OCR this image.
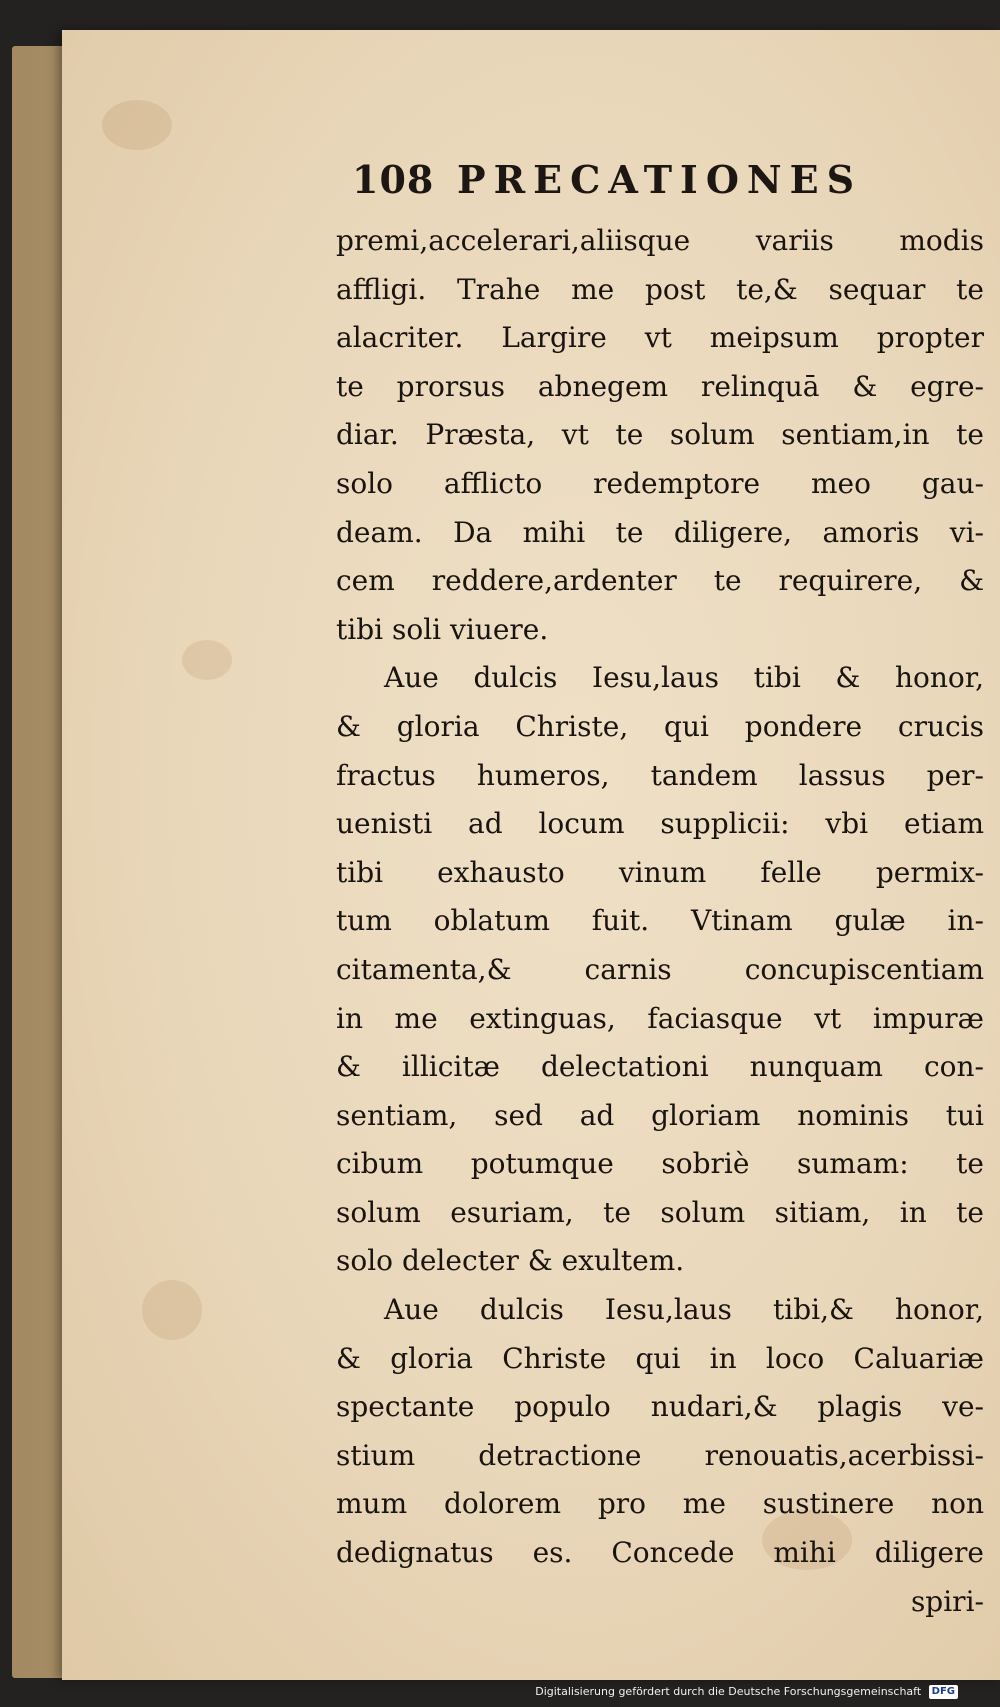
108 PRECATIONES
premi,accelerari,aliisque variis modis
affligi. Trahe me post te,& sequar te
alacriter. Largire vt meipsum propter
te prorsus abnegem relinquā & egre-
diar. Præsta, vt te solum sentiam,in te
solo afflicto redemptore meo gau-
deam. Da mihi te diligere, amoris vi-
cem reddere,ardenter te requirere, &
tibi soli viuere.
Aue dulcis Iesu,laus tibi & honor,
& gloria Christe, qui pondere crucis
fractus humeros, tandem lassus per-
uenisti ad locum supplicii: vbi etiam
tibi exhausto vinum felle permix-
tum oblatum fuit. Vtinam gulæ in-
citamenta,& carnis concupiscentiam
in me extinguas, faciasque vt impuræ
& illicitæ delectationi nunquam con-
sentiam, sed ad gloriam nominis tui
cibum potumque sobriè sumam: te
solum esuriam, te solum sitiam, in te
solo delecter & exultem.
Aue dulcis Iesu,laus tibi,& honor,
& gloria Christe qui in loco Caluariæ
spectante populo nudari,& plagis ve-
stium detractione renouatis,acerbissi-
mum dolorem pro me sustinere non
dedignatus es. Concede mihi diligere
spiri-
Digitalisierung gefördert durch die Deutsche Forschungsgemeinschaft DFG
